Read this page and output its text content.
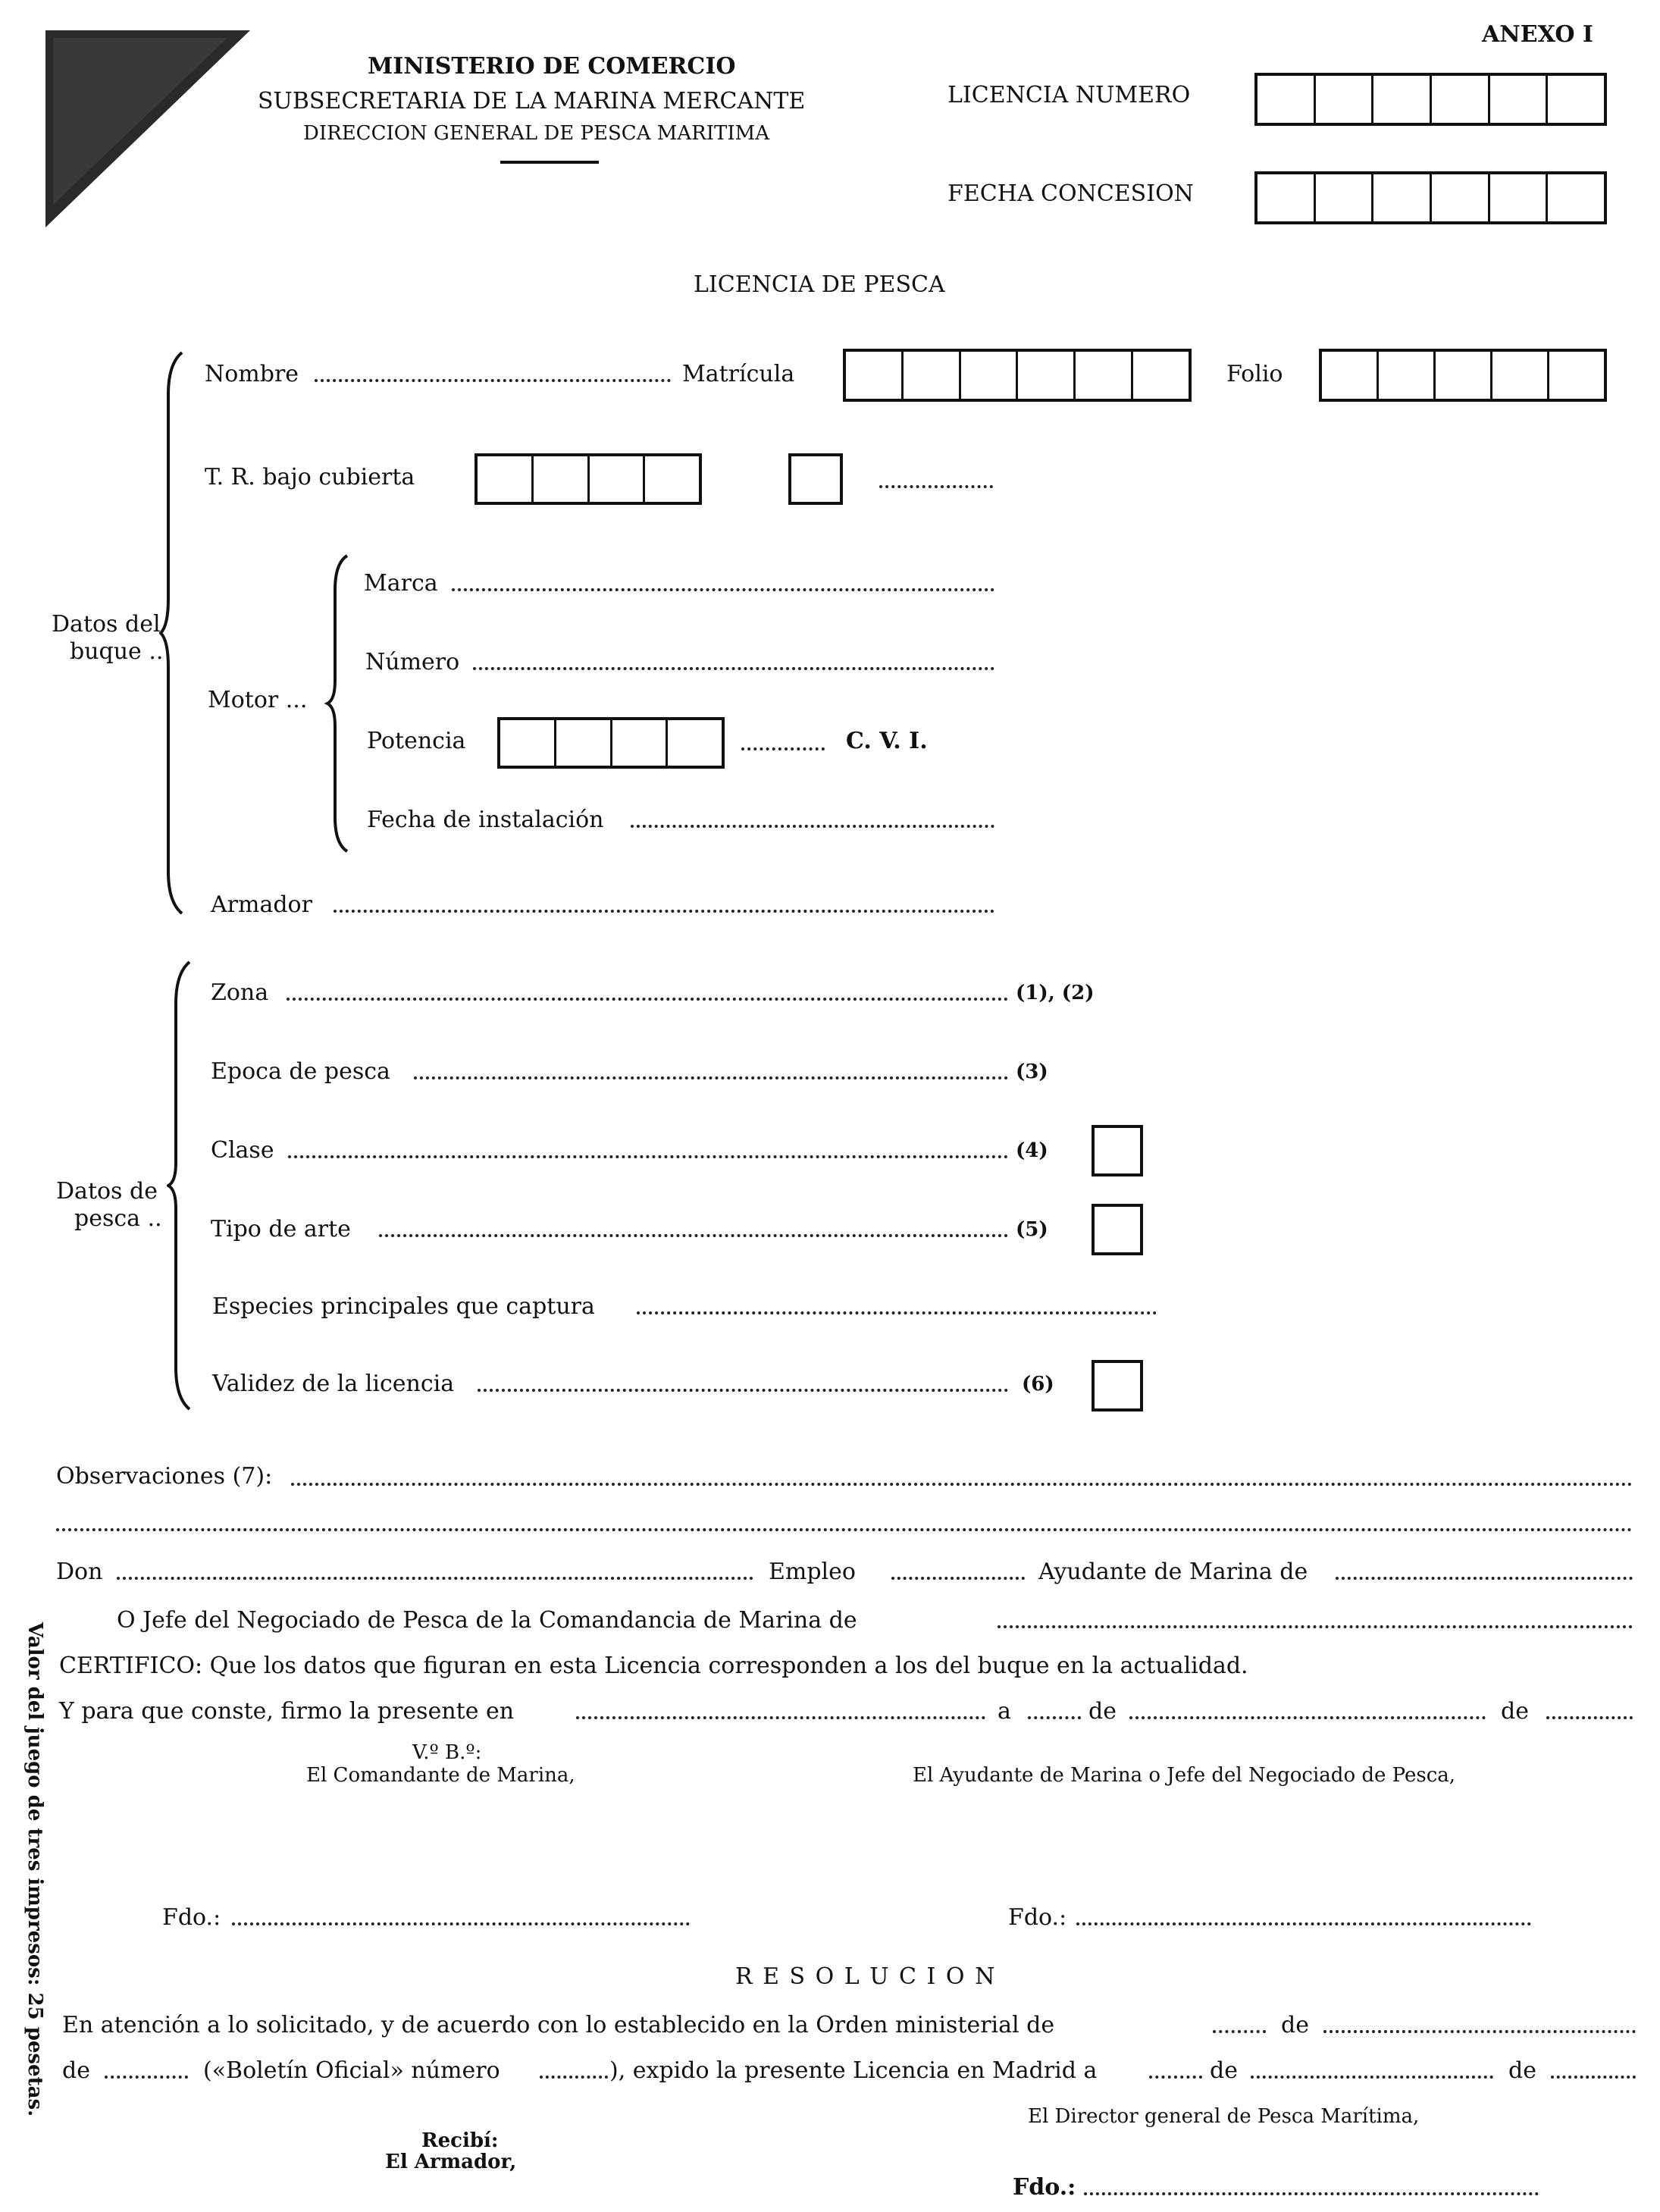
ANEXO I
MINISTERIO DE COMERCIO
SUBSECRETARIA DE LA MARINA MERCANTE
DIRECCION GENERAL DE PESCA MARITIMA
LICENCIA NUMERO
FECHA CONCESION
LICENCIA DE PESCA
Datos del
buque ..
Nombre	Matrícula	Folio
T. R. bajo cubierta
Motor ...
Marca
Número
Potencia	C. V. I.
Fecha de instalación
Armador
Datos de
pesca ..
Zona	(1), (2)
Epoca de pesca	(3)
Clase	(4)
Tipo de arte	(5)
Especies principales que captura
Validez de la licencia	(6)
Observaciones (7):
Don	Empleo	Ayudante de Marina de
O Jefe del Negociado de Pesca de la Comandancia de Marina de
CERTIFICO: Que los datos que figuran en esta Licencia corresponden a los del buque en la actualidad.
Y para que conste, firmo la presente en	a	de	de
V.º B.º:
El Comandante de Marina,	El Ayudante de Marina o Jefe del Negociado de Pesca,
Fdo.:	Fdo.:
R E S O L U C I O N
En atención a lo solicitado, y de acuerdo con lo establecido en la Orden ministerial de	de
de	(«Boletín Oficial» número	), expido la presente Licencia en Madrid a	de	de
El Director general de Pesca Marítima,
Recibí:
El Armador,
Fdo.:
Valor del juego de tres impresos: 25 pesetas.
